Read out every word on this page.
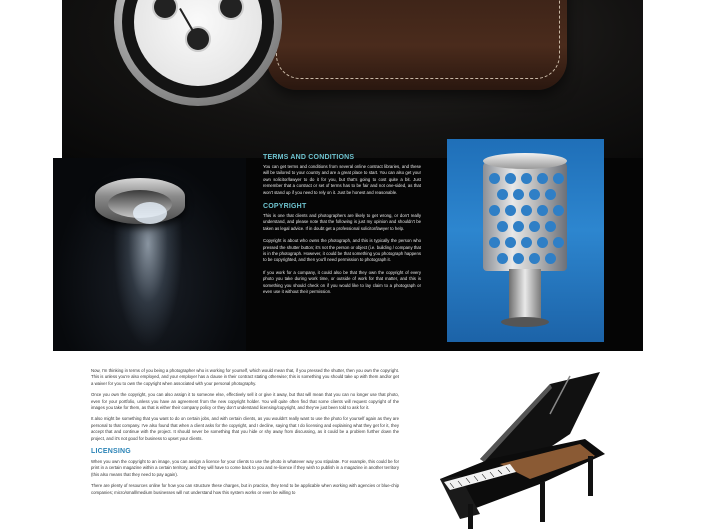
TERMS AND CONDITIONS

You can get terms and conditions from several online contract libraries, and these will be tailored to your country and are a great place to start. You can also get your own solicitor/lawyer to do it for you, but that's going to cost quite a bit. Just remember that a contract or set of terms has to be fair and not one-sided, as that won't stand up if you need to rely on it. Just be honest and reasonable.

COPYRIGHT

This is one that clients and photographers are likely to get wrong, or don't really understand, and please note that the following is just my opinion and shouldn't be taken as legal advice. If in doubt get a professional solicitor/lawyer to help.

Copyright is about who owns the photograph, and this is typically the person who pressed the shutter button; it's not the person or object (i.e. building / company that is in the photograph. However, it could be that something you photograph happens to be copyrighted, and then you'll need permission to photograph it.

If you work for a company, it could also be that they own the copyright of every photo you take during work time, or outside of work for that matter, and this is something you should check on if you would like to lay claim to a photograph or even use it without their permission.

Now, I'm thinking in terms of you being a photographer who is working for yourself, which would mean that, if you pressed the shutter, then you own the copyright. This is unless you're also employed, and your employer has a clause in their contract stating otherwise; this is something you should take up with them and/or get a waiver for you to own the copyright when associated with your personal photography.

Once you own the copyright, you can also assign it to someone else, effectively sell it or give it away, but that will mean that you can no longer use that photo, even for your portfolio, unless you have an agreement from the new copyright holder. You will quite often find that some clients will request copyright of the images you take for them, as that is either their company policy or they don't understand licensing/copyright, and they've just been told to ask for it.

It also might be something that you want to do on certain jobs, and with certain clients, as you wouldn't really want to use the photo for yourself again as they are personal to that company. I've also found that when a client asks for the copyright, and I decline, saying that I do licensing and explaining what they get for it, they accept that and continue with the project. It should never be something that you hide or shy away from discussing, as it could be a problem further down the project, and it's not good for business to upset your clients.

LICENSING

When you own the copyright to an image, you can assign a licence for your clients to use the photo in whatever way you stipulate. For example, this could be for print in a certain magazine within a certain territory, and they will have to come back to you and re-licence if they wish to publish in a magazine in another territory (this also means that they need to pay again).

There are plenty of resources online for how you can structure these charges, but in practice, they tend to be applicable when working with agencies or blue-chip companies; micro/small/medium businesses will not understand how this system works or even be willing to
